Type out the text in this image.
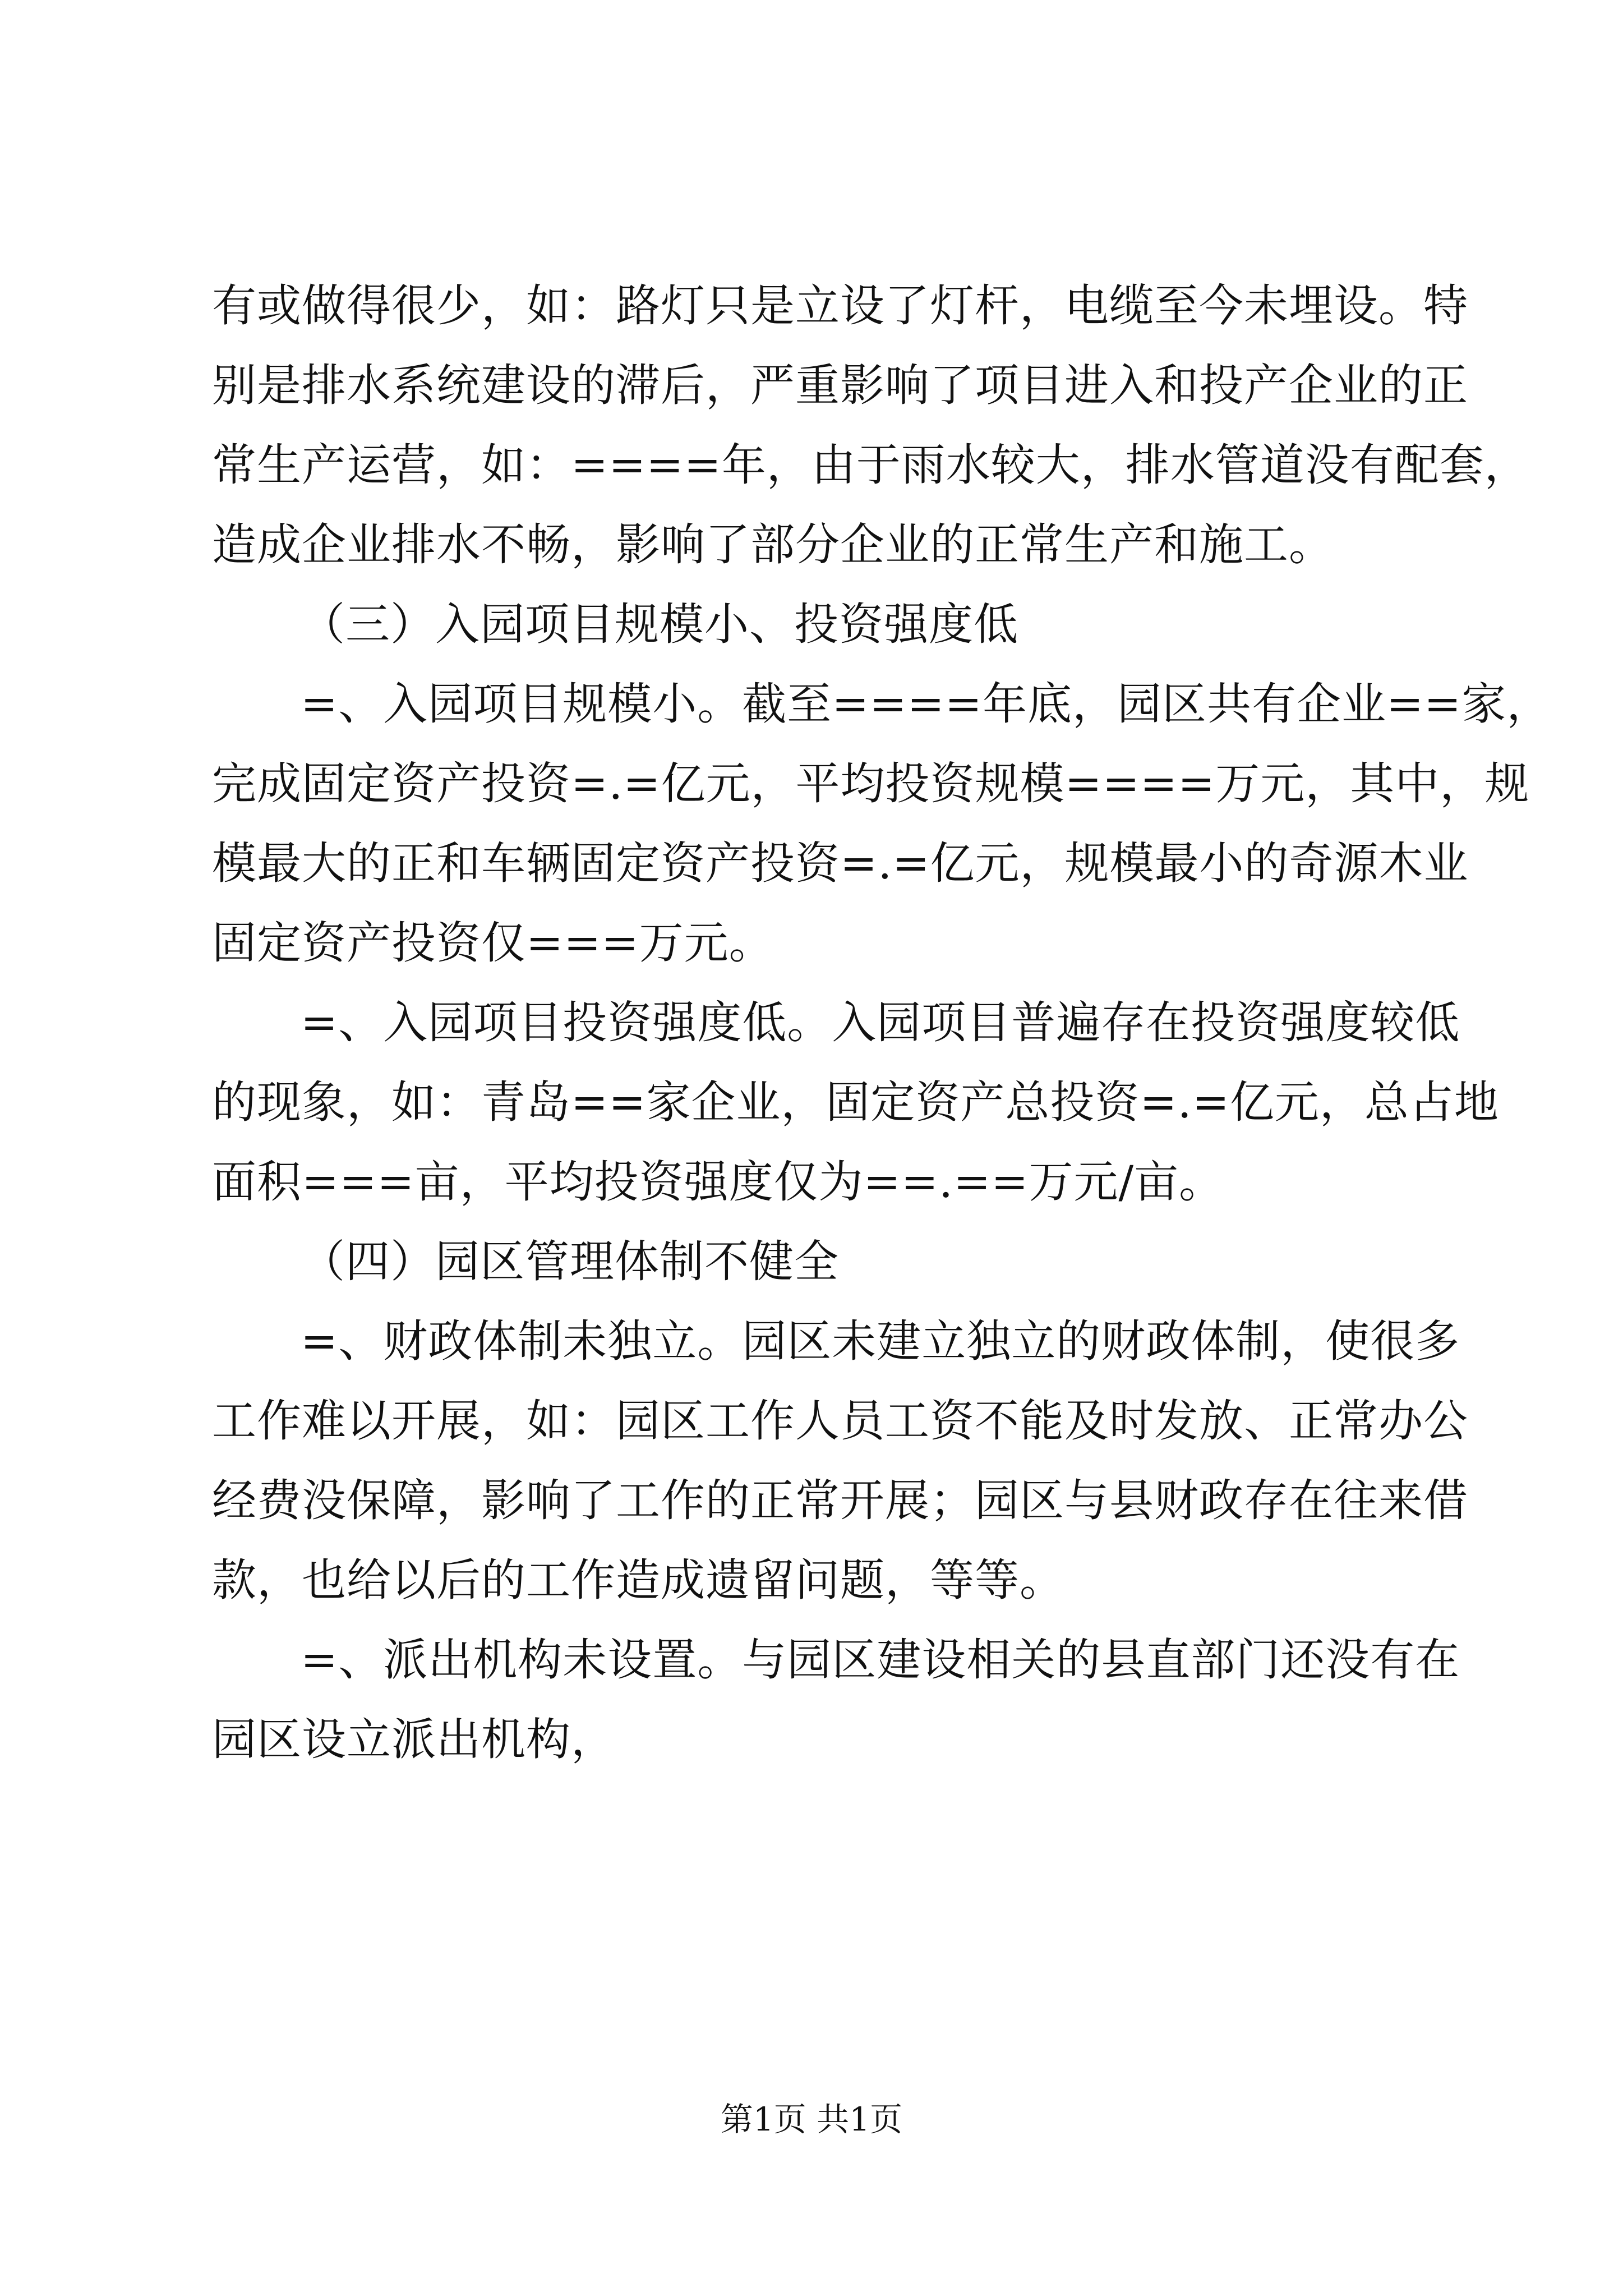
有或做得很少，如：路灯只是立设了灯杆，电缆至今未埋设。特
别是排水系统建设的滞后，严重影响了项目进入和投产企业的正
常生产运营，如：====年，由于雨水较大，排水管道没有配套，
造成企业排水不畅，影响了部分企业的正常生产和施工。
（三）入园项目规模小、投资强度低
=、入园项目规模小。截至====年底，园区共有企业==家，
完成固定资产投资=.=亿元，平均投资规模====万元，其中，规
模最大的正和车辆固定资产投资=.=亿元，规模最小的奇源木业
固定资产投资仅===万元。
=、入园项目投资强度低。入园项目普遍存在投资强度较低
的现象，如：青岛==家企业，固定资产总投资=.=亿元，总占地
面积===亩，平均投资强度仅为==.==万元/亩。
（四）园区管理体制不健全
=、财政体制未独立。园区未建立独立的财政体制，使很多
工作难以开展，如：园区工作人员工资不能及时发放、正常办公
经费没保障，影响了工作的正常开展；园区与县财政存在往来借
款，也给以后的工作造成遗留问题，等等。
=、派出机构未设置。与园区建设相关的县直部门还没有在
园区设立派出机构，
第1页 共1页
